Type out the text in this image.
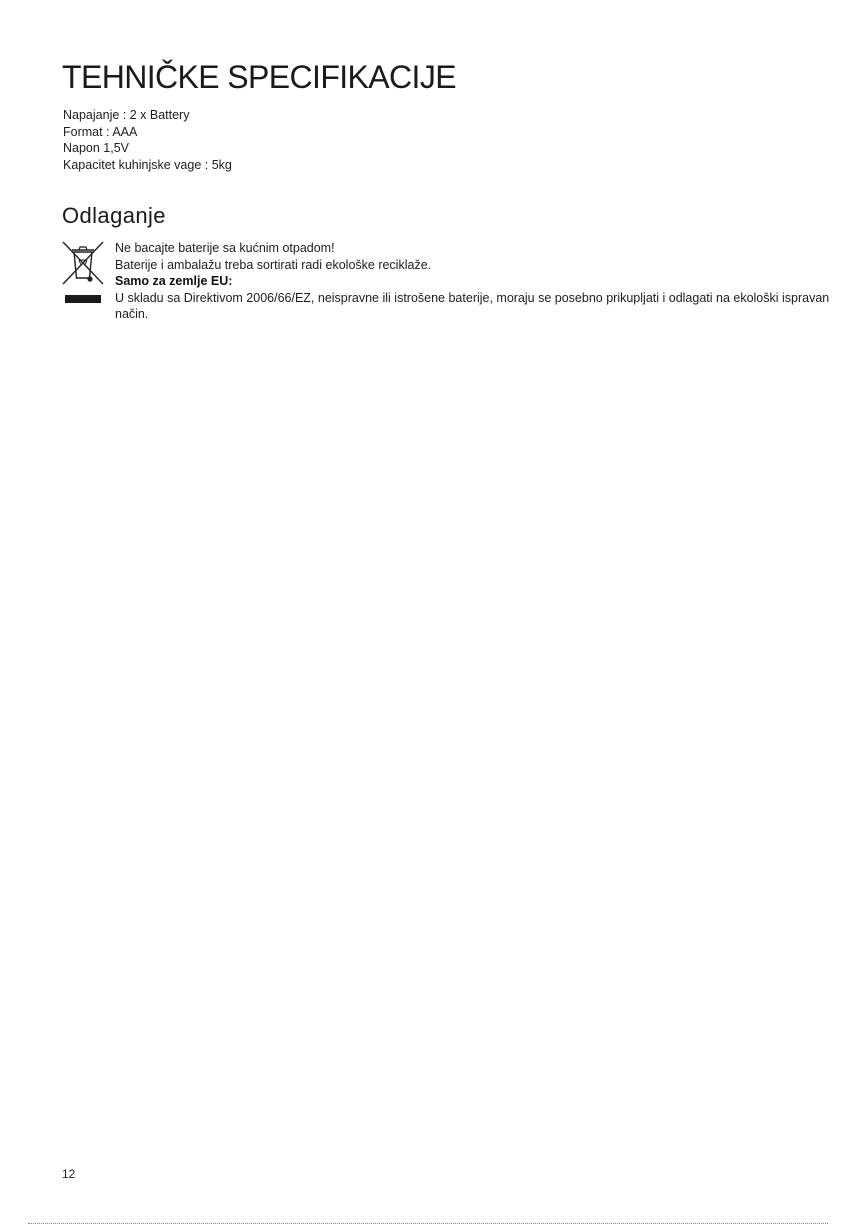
TEHNIČKE SPECIFIKACIJE
Napajanje : 2 x Battery
Format : AAA
Napon 1,5V
Kapacitet kuhinjske vage : 5kg
Odlaganje

Ne bacajte baterije sa kućnim otpadom!

Baterije i ambalažu treba sortirati radi ekološke reciklaže.

Samo za zemlje EU:

U skladu sa Direktivom 2006/66/EZ, neispravne ili istrošene baterije, moraju se posebno prikupljati i odlagati na ekološki ispravan način.

12
